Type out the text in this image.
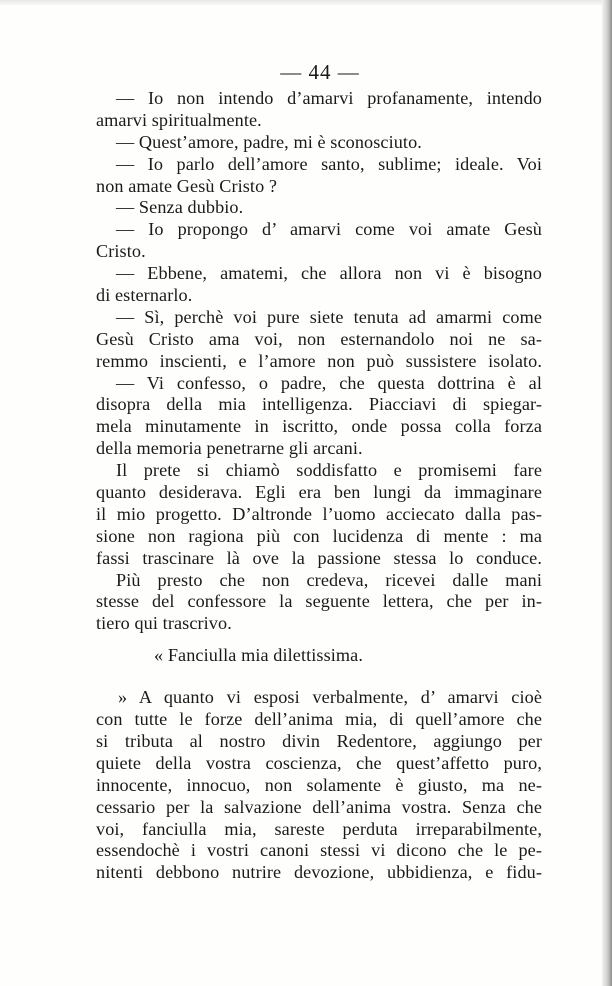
— 44 —
— Io non intendo d’amarvi profanamente, intendo
amarvi spiritualmente.
— Quest’amore, padre, mi è sconosciuto.
— Io parlo dell’amore santo, sublime; ideale. Voi
non amate Gesù Cristo ?
— Senza dubbio.
— Io propongo d’ amarvi come voi amate Gesù
Cristo.
— Ebbene, amatemi, che allora non vi è bisogno
di esternarlo.
— Sì, perchè voi pure siete tenuta ad amarmi come
Gesù Cristo ama voi, non esternandolo noi ne sa-
remmo inscienti, e l’amore non può sussistere isolato.
— Vi confesso, o padre, che questa dottrina è al
disopra della mia intelligenza. Piacciavi di spiegar-
mela minutamente in iscritto, onde possa colla forza
della memoria penetrarne gli arcani.
Il prete si chiamò soddisfatto e promisemi fare
quanto desiderava. Egli era ben lungi da immaginare
il mio progetto. D’altronde l’uomo acciecato dalla pas-
sione non ragiona più con lucidenza di mente : ma
fassi trascinare là ove la passione stessa lo conduce.
Più presto che non credeva, ricevei dalle mani
stesse del confessore la seguente lettera, che per in-
tiero qui trascrivo.
« Fanciulla mia dilettissima.
» A quanto vi esposi verbalmente, d’ amarvi cioè
con tutte le forze dell’anima mia, di quell’amore che
si tributa al nostro divin Redentore, aggiungo per
quiete della vostra coscienza, che quest’affetto puro,
innocente, innocuo, non solamente è giusto, ma ne-
cessario per la salvazione dell’anima vostra. Senza che
voi, fanciulla mia, sareste perduta irreparabilmente,
essendochè i vostri canoni stessi vi dicono che le pe-
nitenti debbono nutrire devozione, ubbidienza, e fidu-
